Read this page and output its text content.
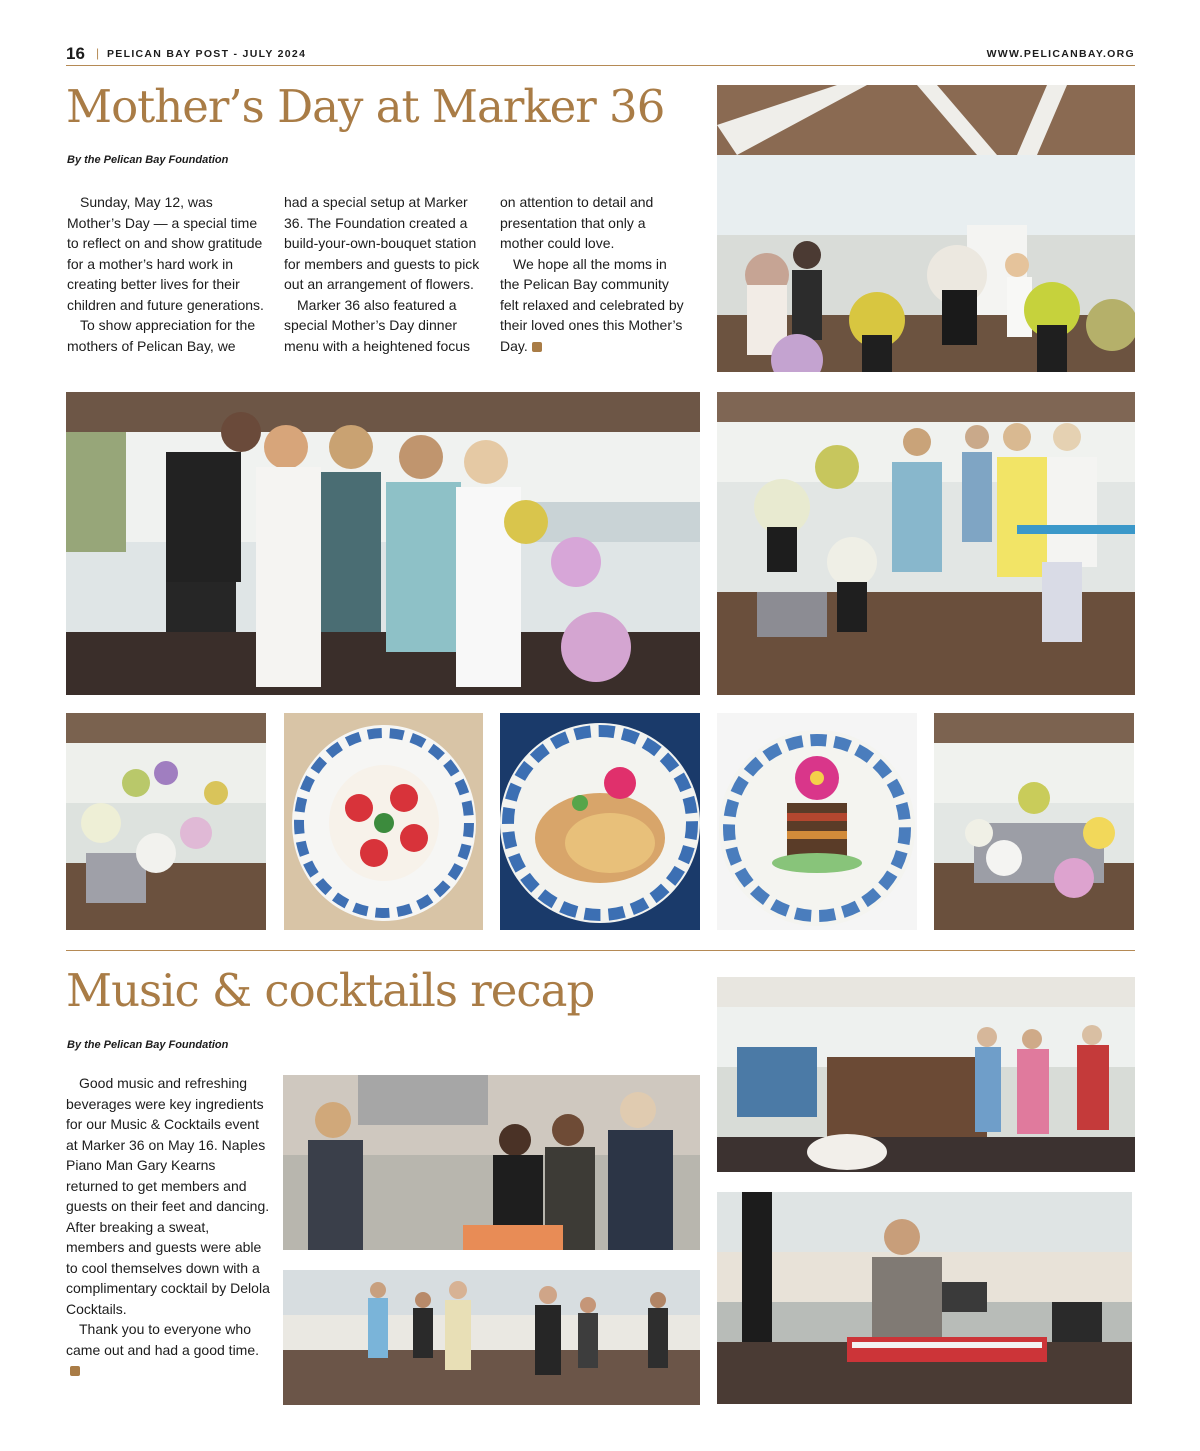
16 | PELICAN BAY POST - JULY 2024	WWW.PELICANBAY.ORG
Mother’s Day at Marker 36
By the Pelican Bay Foundation

Sunday, May 12, was Mother’s Day — a special time to reflect on and show gratitude for a mother’s hard work in creating better lives for their children and future generations.

To show appreciation for the mothers of Pelican Bay, we

had a special setup at Marker 36. The Foundation created a build-your-own-bouquet station for members and guests to pick out an arrangement of flowers.

Marker 36 also featured a special Mother’s Day dinner menu with a heightened focus

on attention to detail and presentation that only a mother could love.

We hope all the moms in the Pelican Bay community felt relaxed and celebrated by their loved ones this Mother’s Day.

Music & cocktails recap
By the Pelican Bay Foundation

Good music and refreshing beverages were key ingredients for our Music & Cocktails event at Marker 36 on May 16. Naples Piano Man Gary Kearns returned to get members and guests on their feet and dancing. After breaking a sweat, members and guests were able to cool themselves down with a complimentary cocktail by Delola Cocktails.

Thank you to everyone who came out and had a good time.
